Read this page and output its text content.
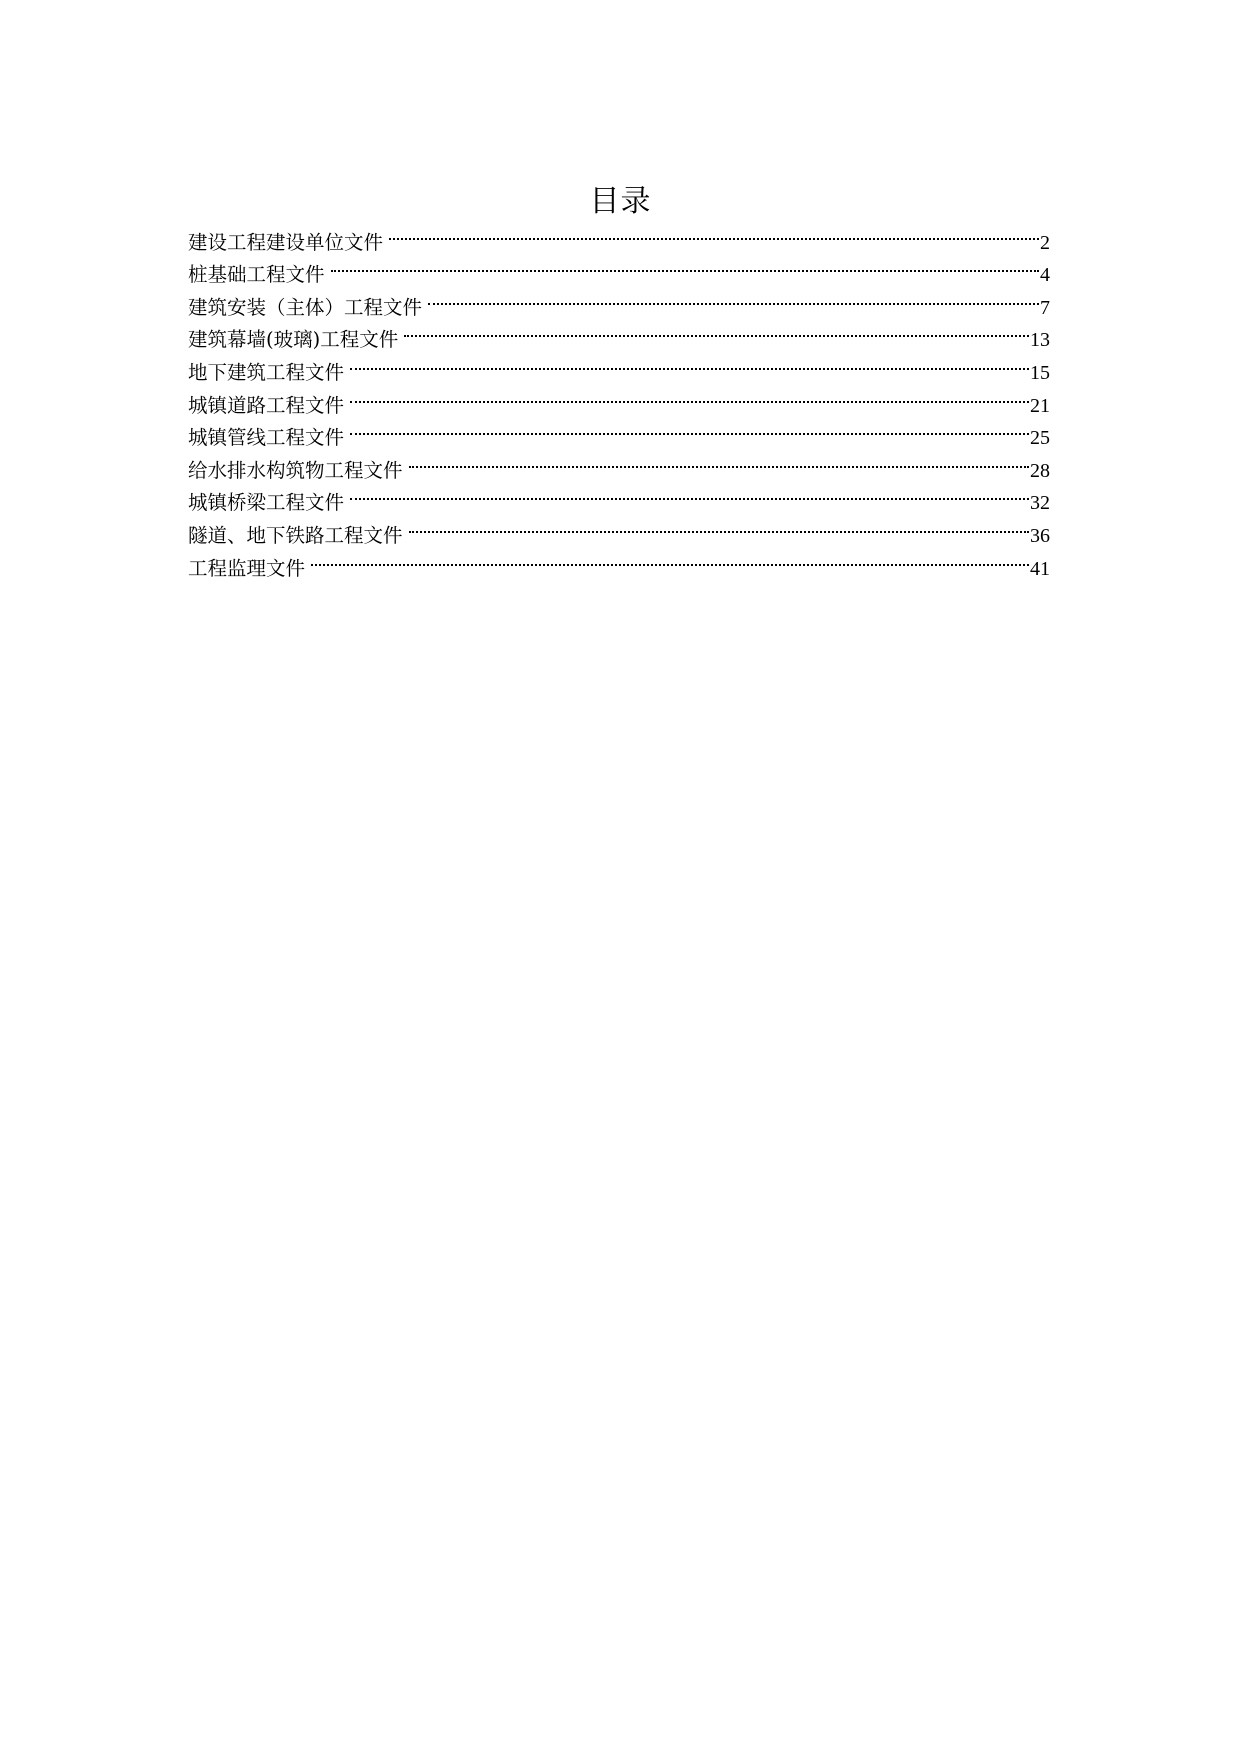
目录
建设工程建设单位文件	2
桩基础工程文件	4
建筑安装（主体）工程文件	7
建筑幕墙(玻璃)工程文件	13
地下建筑工程文件	15
城镇道路工程文件	21
城镇管线工程文件	25
给水排水构筑物工程文件	28
城镇桥梁工程文件	32
隧道、地下铁路工程文件	36
工程监理文件	41
